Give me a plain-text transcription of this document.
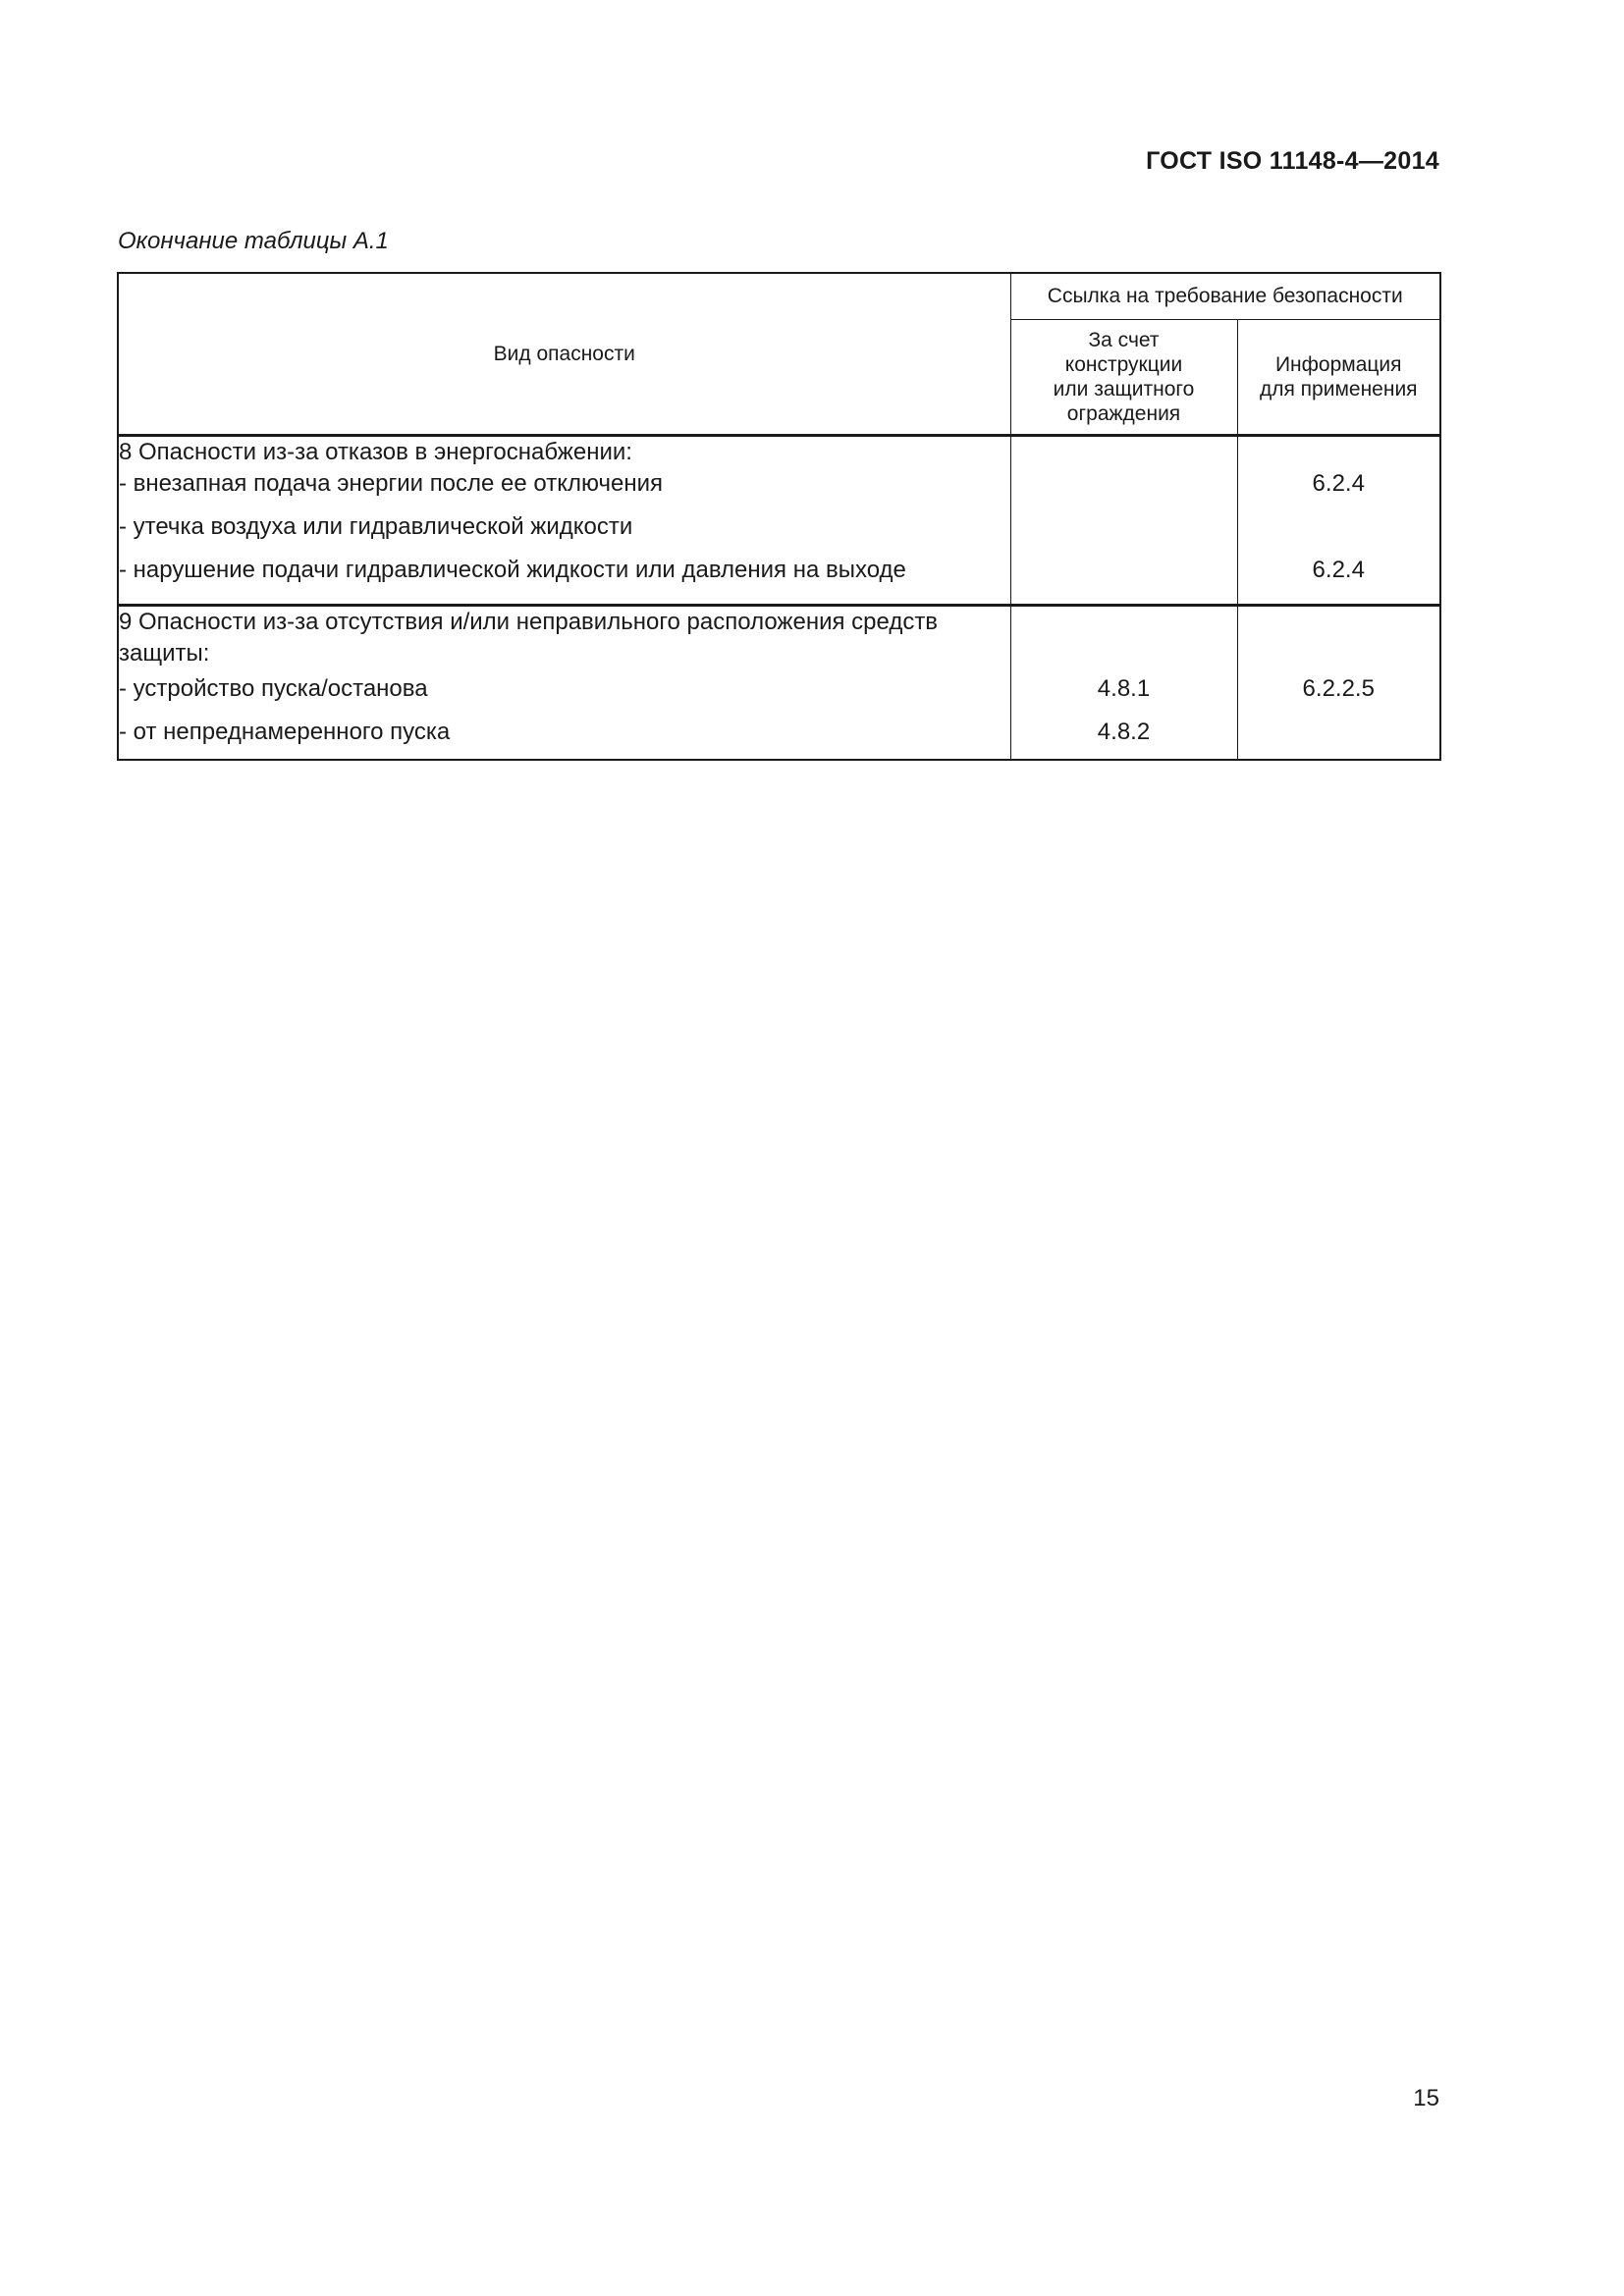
ГОСТ ISO 11148-4—2014
Окончание таблицы А.1
Вид опасности	Ссылка на требование безопасности	
	За счет
конструкции
или защитного
ограждения	Информация
для применения
8 Опасности из-за отказов в энергоснабжении:		
- внезапная подача энергии после ее отключения		6.2.4
- утечка воздуха или гидравлической жидкости		
- нарушение подачи гидравлической жидкости или давления на выходе		6.2.4
9 Опасности из-за отсутствия и/или неправильного расположения средств защиты:		
- устройство пуска/останова	4.8.1	6.2.2.5
- от непреднамеренного пуска	4.8.2	
15
